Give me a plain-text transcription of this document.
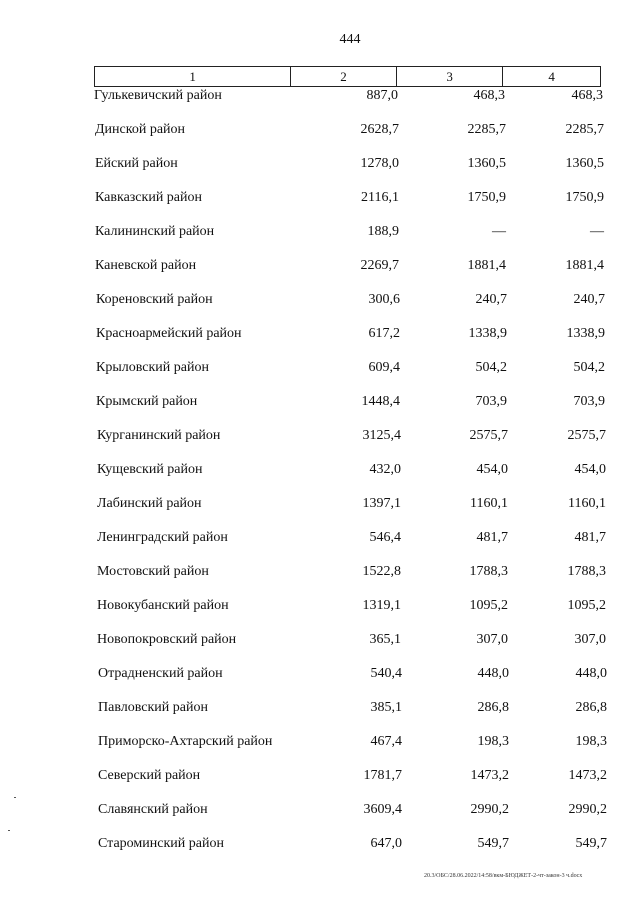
444
1	2	3	4
Гулькевичский район	887,0	468,3	468,3
Динской район	2628,7	2285,7	2285,7
Ейский район	1278,0	1360,5	1360,5
Кавказский район	2116,1	1750,9	1750,9
Калининский район	188,9	—	—
Каневской район	2269,7	1881,4	1881,4
Кореновский район	300,6	240,7	240,7
Красноармейский район	617,2	1338,9	1338,9
Крыловский район	609,4	504,2	504,2
Крымский район	1448,4	703,9	703,9
Курганинский район	3125,4	2575,7	2575,7
Кущевский район	432,0	454,0	454,0
Лабинский район	1397,1	1160,1	1160,1
Ленинградский район	546,4	481,7	481,7
Мостовский район	1522,8	1788,3	1788,3
Новокубанский район	1319,1	1095,2	1095,2
Новопокровский район	365,1	307,0	307,0
Отрадненский район	540,4	448,0	448,0
Павловский район	385,1	286,8	286,8
Приморско-Ахтарский район	467,4	198,3	198,3
Северский район	1781,7	1473,2	1473,2
Славянский район	3609,4	2990,2	2990,2
Староминский район	647,0	549,7	549,7
20.3/ОБС/28.06.2022/14:58/вкм-БЮДЖЕТ-2-чт-закон-3 ч.docx
